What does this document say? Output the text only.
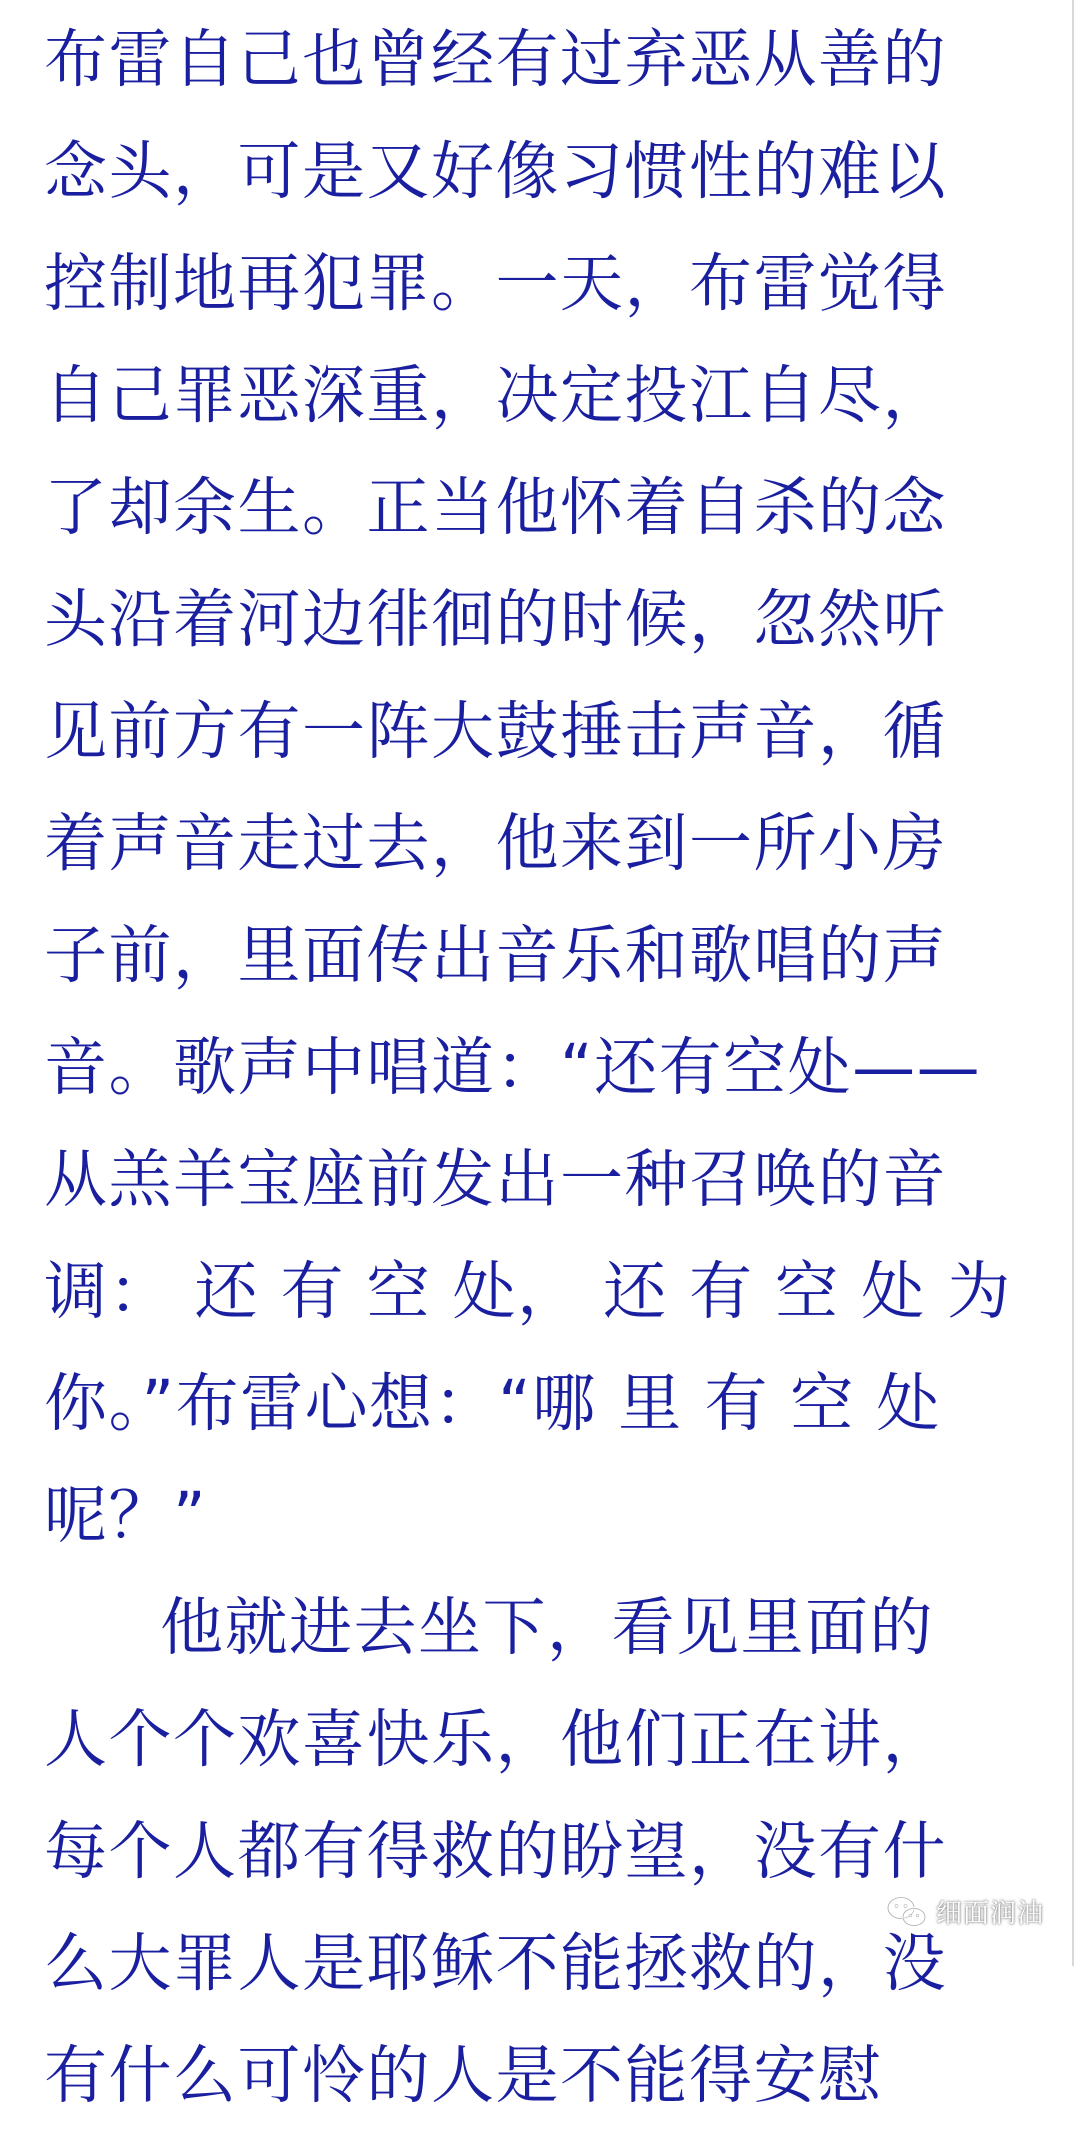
布雷自己也曾经有过弃恶从善的
念头，可是又好像习惯性的难以
控制地再犯罪。一天，布雷觉得
自己罪恶深重，决定投江自尽，
了却余生。正当他怀着自杀的念
头沿着河边徘徊的时候，忽然听
见前方有一阵大鼓捶击声音，循
着声音走过去，他来到一所小房
子前，里面传出音乐和歌唱的声
音。歌声中唱道：“还有空处——
从羔羊宝座前发出一种召唤的音
调： 还 有 空 处， 还 有 空 处 为
你。”布雷心想：“哪 里 有 空 处
呢？”
他就进去坐下，看见里面的
人个个欢喜快乐，他们正在讲，
每个人都有得救的盼望，没有什
么大罪人是耶稣不能拯救的，没
有什么可怜的人是不能得安慰
细面润油
